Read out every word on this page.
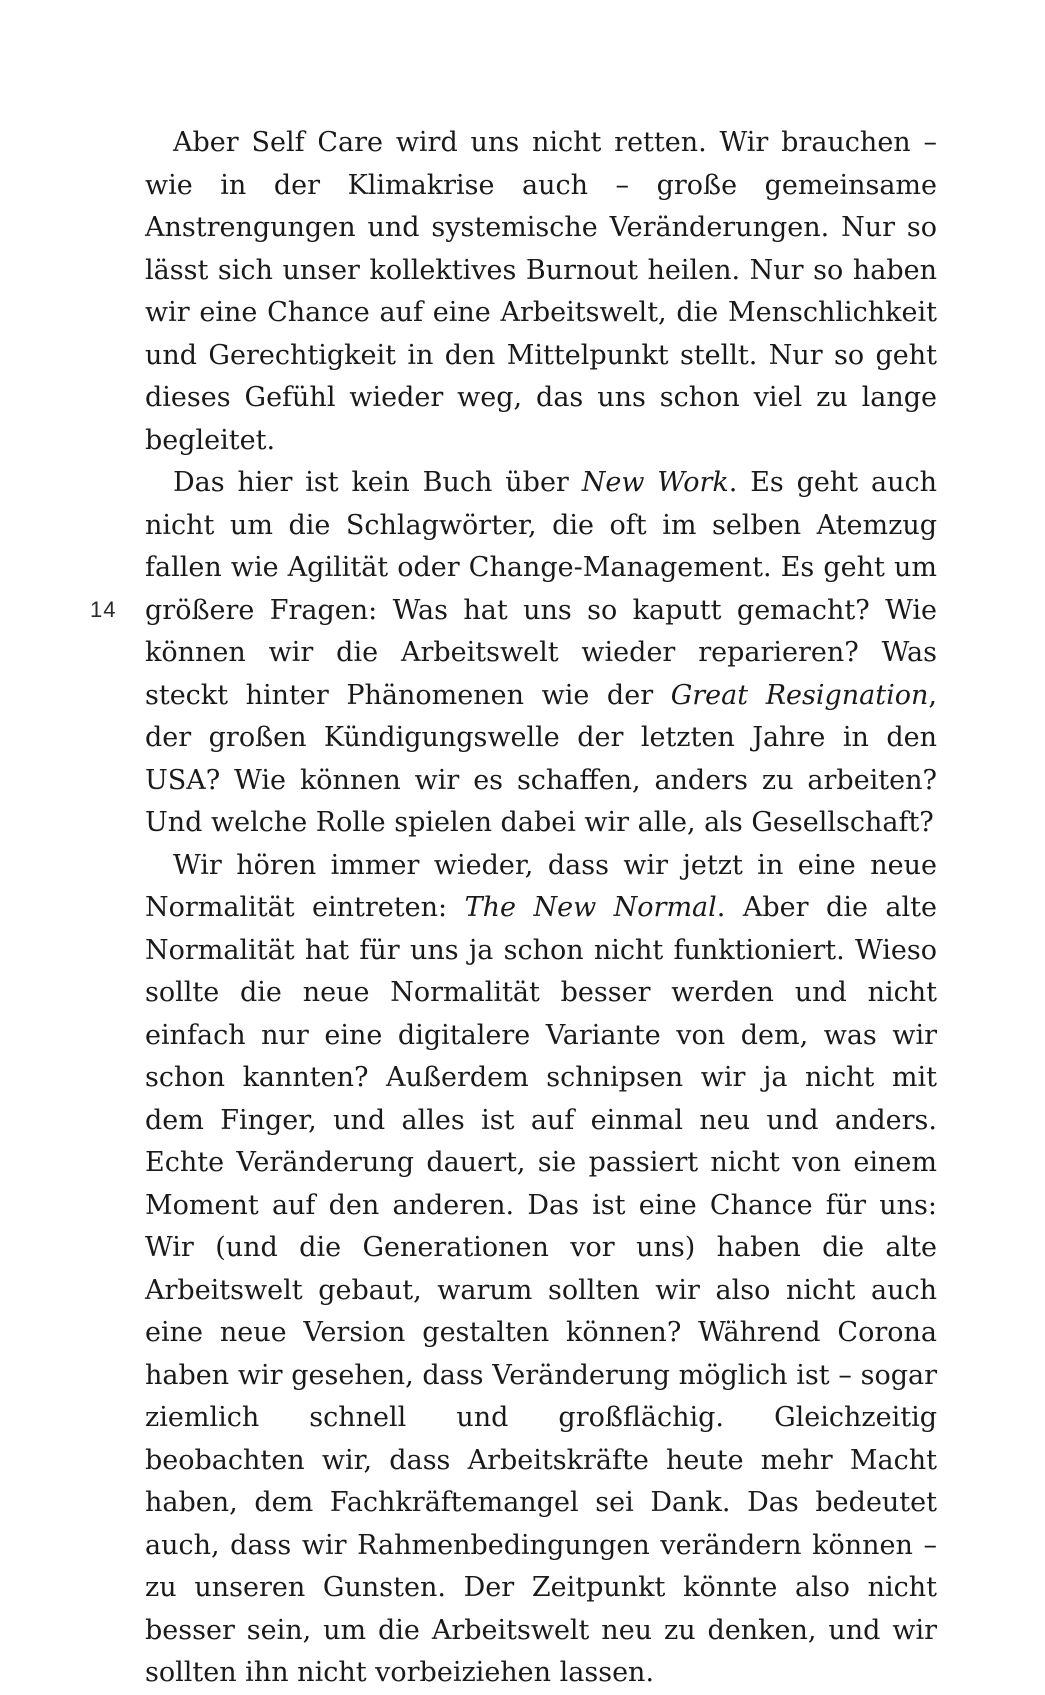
14

Aber Self Care wird uns nicht retten. Wir brauchen – wie in der Klimakrise auch – große gemeinsame Anstrengungen und systemische Veränderungen. Nur so lässt sich unser kollektives Burnout heilen. Nur so haben wir eine Chance auf eine Arbeitswelt, die Menschlichkeit und Gerechtigkeit in den Mittelpunkt stellt. Nur so geht dieses Gefühl wieder weg, das uns schon viel zu lange begleitet.

Das hier ist kein Buch über New Work. Es geht auch nicht um die Schlagwörter, die oft im selben Atemzug fallen wie Agilität oder Change-Management. Es geht um größere Fragen: Was hat uns so kaputt gemacht? Wie können wir die Arbeitswelt wieder reparieren? Was steckt hinter Phänomenen wie der Great Resignation, der großen Kündigungswelle der letzten Jahre in den USA? Wie können wir es schaffen, anders zu arbeiten? Und welche Rolle spielen dabei wir alle, als Gesellschaft?

Wir hören immer wieder, dass wir jetzt in eine neue Normalität eintreten: The New Normal. Aber die alte Normalität hat für uns ja schon nicht funktioniert. Wieso sollte die neue Normalität besser werden und nicht einfach nur eine digitalere Variante von dem, was wir schon kannten? Außerdem schnipsen wir ja nicht mit dem Finger, und alles ist auf einmal neu und anders. Echte Veränderung dauert, sie passiert nicht von einem Moment auf den anderen. Das ist eine Chance für uns: Wir (und die Generationen vor uns) haben die alte Arbeitswelt gebaut, warum sollten wir also nicht auch eine neue Version gestalten können? Während Corona haben wir gesehen, dass Veränderung möglich ist – sogar ziemlich schnell und großflächig. Gleichzeitig beobachten wir, dass Arbeitskräfte heute mehr Macht haben, dem Fachkräftemangel sei Dank. Das bedeutet auch, dass wir Rahmenbedingungen verändern können – zu unseren Gunsten. Der Zeitpunkt könnte also nicht besser sein, um die Arbeitswelt neu zu denken, und wir sollten ihn nicht vorbeiziehen lassen.
